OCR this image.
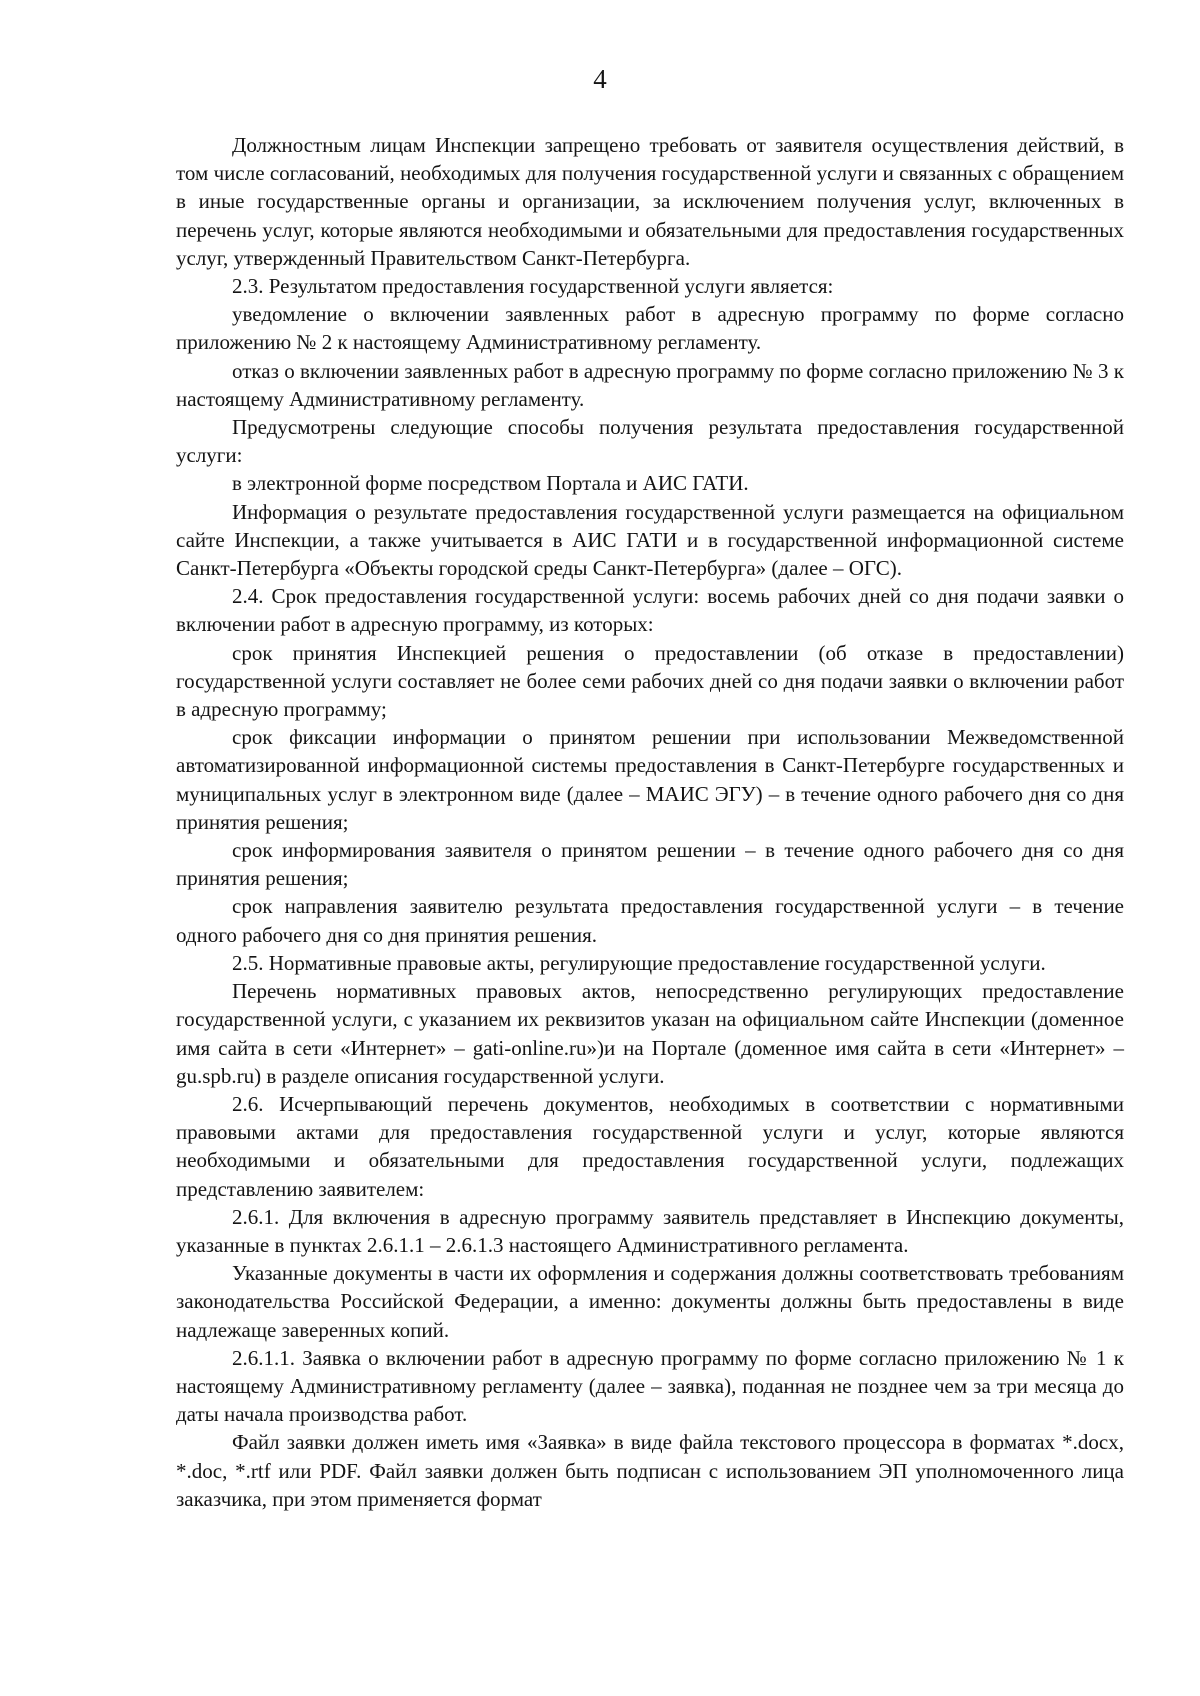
4

Должностным лицам Инспекции запрещено требовать от заявителя осуществления действий, в том числе согласований, необходимых для получения государственной услуги и связанных с обращением в иные государственные органы и организации, за исключением получения услуг, включенных в перечень услуг, которые являются необходимыми и обязательными для предоставления государственных услуг, утвержденный Правительством Санкт-Петербурга.

2.3. Результатом предоставления государственной услуги является:

уведомление о включении заявленных работ в адресную программу по форме согласно приложению № 2 к настоящему Административному регламенту.

отказ о включении заявленных работ в адресную программу по форме согласно приложению № 3 к настоящему Административному регламенту.

Предусмотрены следующие способы получения результата предоставления государственной услуги:

в электронной форме посредством Портала и АИС ГАТИ.

Информация о результате предоставления государственной услуги размещается на официальном сайте Инспекции, а также учитывается в АИС ГАТИ и в государственной информационной системе Санкт-Петербурга «Объекты городской среды Санкт-Петербурга» (далее – ОГС).

2.4. Срок предоставления государственной услуги: восемь рабочих дней со дня подачи заявки о включении работ в адресную программу, из которых:

срок принятия Инспекцией решения о предоставлении (об отказе в предоставлении) государственной услуги составляет не более семи рабочих дней со дня подачи заявки о включении работ в адресную программу;

срок фиксации информации о принятом решении при использовании Межведомственной автоматизированной информационной системы предоставления в Санкт-Петербурге государственных и муниципальных услуг в электронном виде (далее – МАИС ЭГУ) – в течение одного рабочего дня со дня принятия решения;

срок информирования заявителя о принятом решении – в течение одного рабочего дня со дня принятия решения;

срок направления заявителю результата предоставления государственной услуги – в течение одного рабочего дня со дня принятия решения.

2.5. Нормативные правовые акты, регулирующие предоставление государственной услуги.

Перечень нормативных правовых актов, непосредственно регулирующих предоставление государственной услуги, с указанием их реквизитов указан на официальном сайте Инспекции (доменное имя сайта в сети «Интернет» – gati-online.ru»)и на Портале (доменное имя сайта в сети «Интернет» – gu.spb.ru) в разделе описания государственной услуги.

2.6. Исчерпывающий перечень документов, необходимых в соответствии с нормативными правовыми актами для предоставления государственной услуги и услуг, которые являются необходимыми и обязательными для предоставления государственной услуги, подлежащих представлению заявителем:

2.6.1. Для включения в адресную программу заявитель представляет в Инспекцию документы, указанные в пунктах 2.6.1.1 – 2.6.1.3 настоящего Административного регламента.

Указанные документы в части их оформления и содержания должны соответствовать требованиям законодательства Российской Федерации, а именно: документы должны быть предоставлены в виде надлежаще заверенных копий.

2.6.1.1. Заявка о включении работ в адресную программу по форме согласно приложению № 1 к настоящему Административному регламенту (далее – заявка), поданная не позднее чем за три месяца до даты начала производства работ.

Файл заявки должен иметь имя «Заявка» в виде файла текстового процессора в форматах *.docx, *.doc, *.rtf или PDF. Файл заявки должен быть подписан с использованием ЭП уполномоченного лица заказчика, при этом применяется формат
